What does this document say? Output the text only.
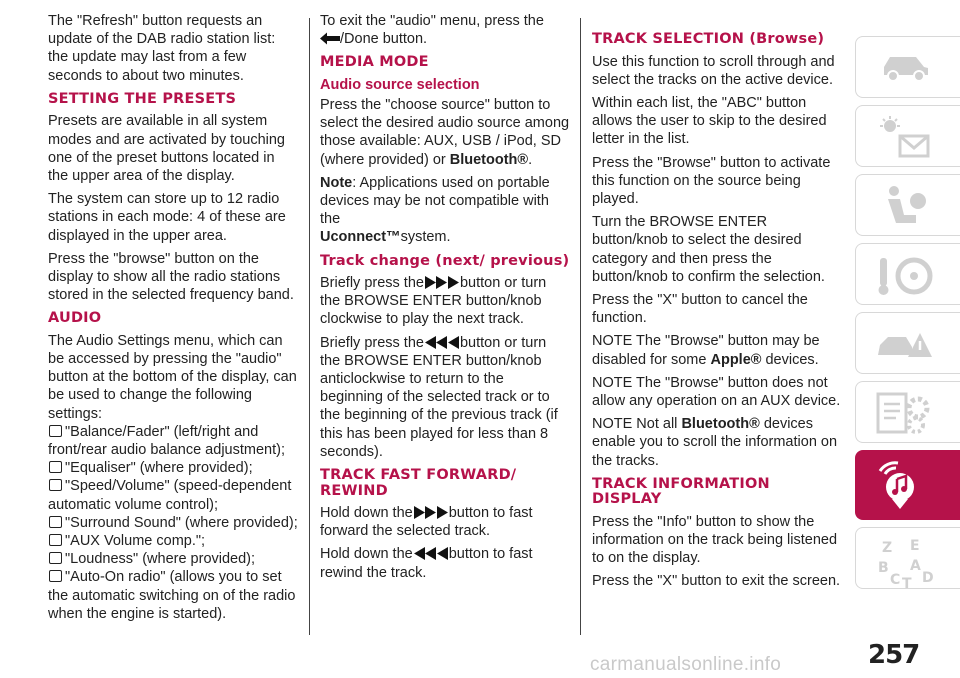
The "Refresh" button requests an update of the DAB radio station list: the update may last from a few seconds to about two minutes.

SETTING THE PRESETS

Presets are available in all system modes and are activated by touching one of the preset buttons located in the upper area of the display.

The system can store up to 12 radio stations in each mode: 4 of these are displayed in the upper area.

Press the "browse" button on the display to show all the radio stations stored in the selected frequency band.

AUDIO

The Audio Settings menu, which can be accessed by pressing the "audio" button at the bottom of the display, can be used to change the following settings:

"Balance/Fader" (left/right and front/rear audio balance adjustment);

"Equaliser" (where provided);

"Speed/Volume" (speed-dependent automatic volume control);

"Surround Sound" (where provided);

"AUX Volume comp.";

"Loudness" (where provided);

"Auto-On radio" (allows you to set the automatic switching on of the radio when the engine is started).

To exit the "audio" menu, press the
/Done button.

MEDIA MODE
Audio source selection

Press the "choose source" button to select the desired audio source among those available: AUX, USB / iPod, SD (where provided) or Bluetooth®.

Note: Applications used on portable devices may be not compatible with the
Uconnect™system.

Track change (next/ previous)

Briefly press the button or turn the BROWSE ENTER button/knob clockwise to play the next track.

Briefly press the button or turn the BROWSE ENTER button/knob anticlockwise to return to the beginning of the selected track or to the beginning of the previous track (if this has been played for less than 8 seconds).

TRACK FAST FORWARD/ REWIND

Hold down the button to fast forward the selected track.

Hold down the button to fast rewind the track.

TRACK SELECTION (Browse)

Use this function to scroll through and select the tracks on the active device.

Within each list, the "ABC" button allows the user to skip to the desired letter in the list.

Press the "Browse" button to activate this function on the source being played.

Turn the BROWSE ENTER button/knob to select the desired category and then press the button/knob to confirm the selection.

Press the "X" button to cancel the function.

NOTE The "Browse" button may be disabled for some Apple® devices.

NOTE The "Browse" button does not allow any operation on an AUX device.

NOTE Not all Bluetooth® devices enable you to scroll the information on the tracks.

TRACK INFORMATION DISPLAY

Press the "Info" button to show the information on the track being listened to on the display.

Press the "X" button to exit the screen.

Z E
B A
C D
T
257
carmanualsonline.info
